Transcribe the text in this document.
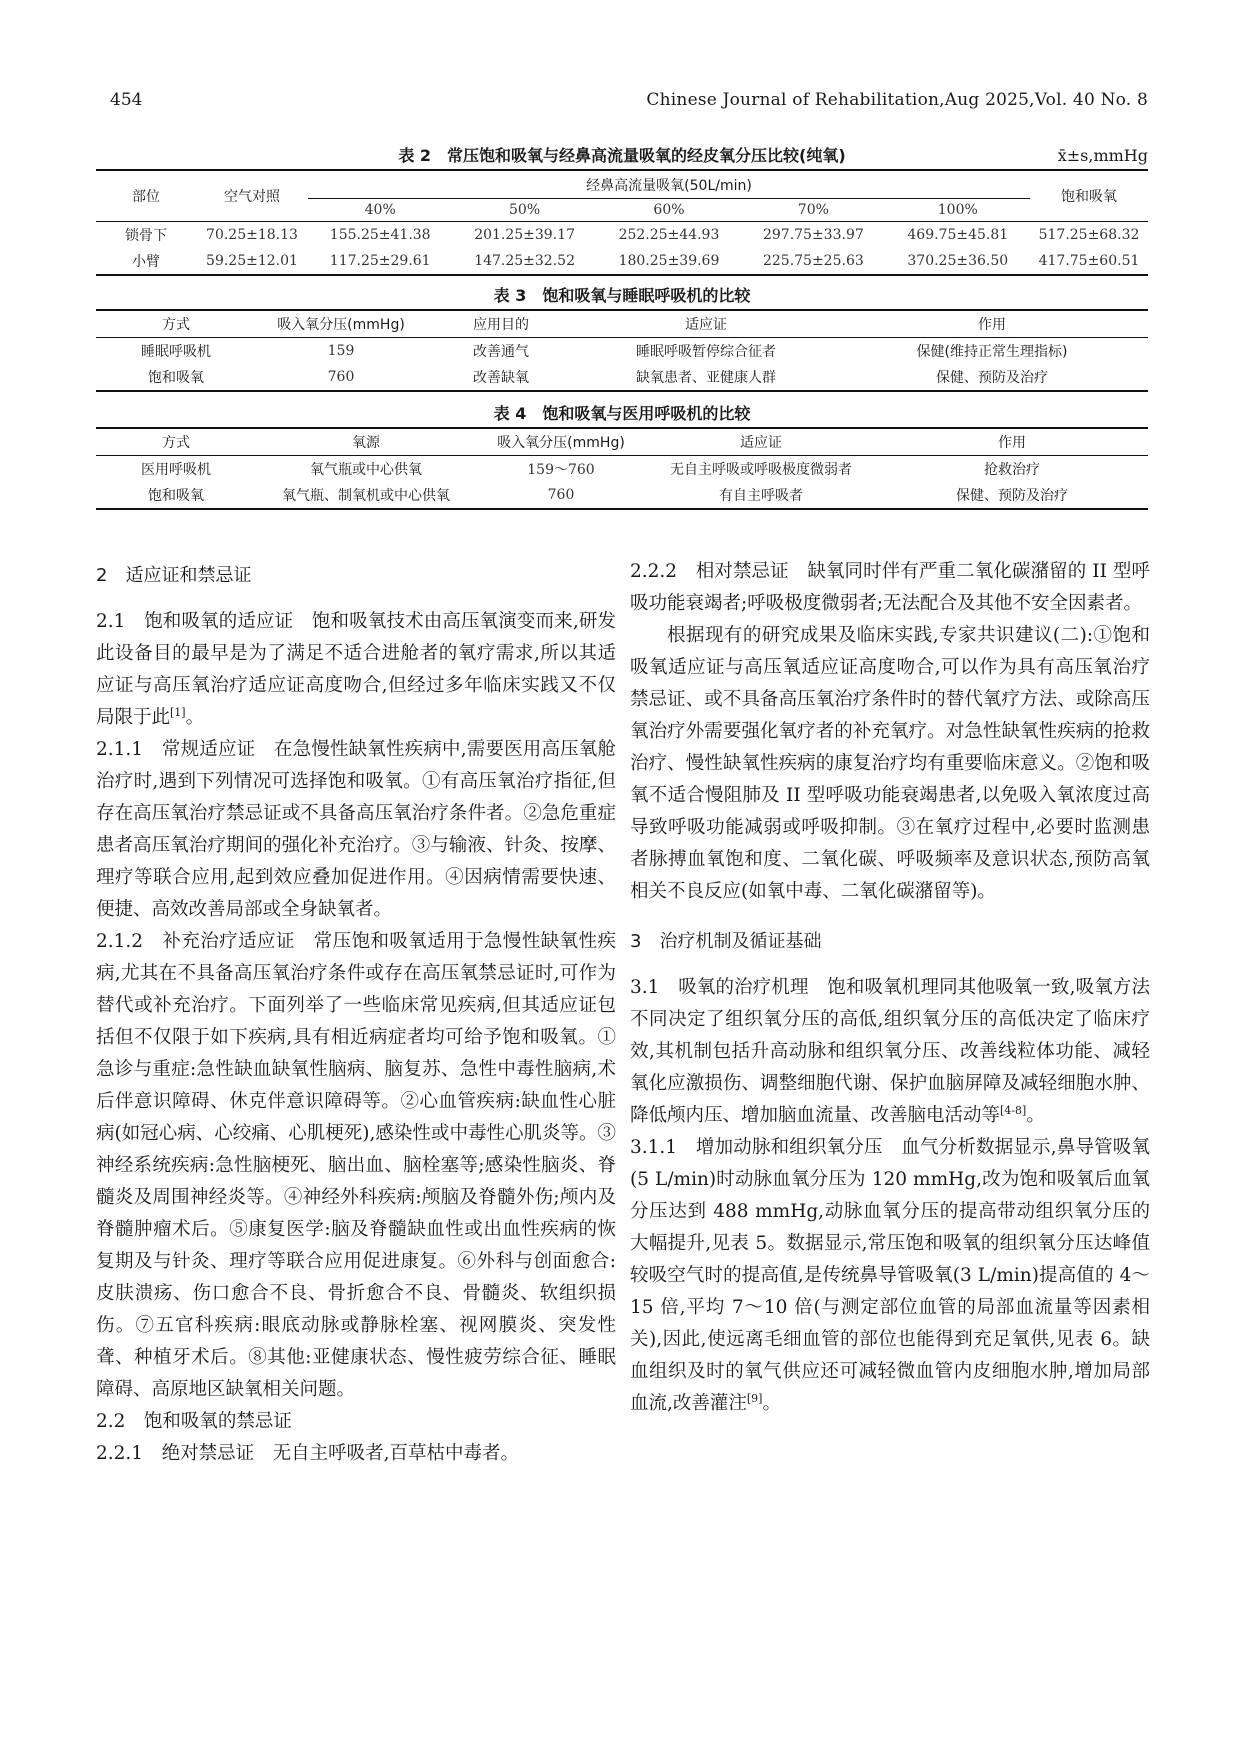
454	Chinese Journal of Rehabilitation,Aug 2025,Vol. 40 No. 8
表 2　常压饱和吸氧与经鼻高流量吸氧的经皮氧分压比较(纯氧)	x̄±s,mmHg
部位	空气对照	经鼻高流量吸氧(50L/min)					饱和吸氧
		40%	50%	60%	70%	100%	
锁骨下	70.25±18.13	155.25±41.38	201.25±39.17	252.25±44.93	297.75±33.97	469.75±45.81	517.25±68.32
小臂	59.25±12.01	117.25±29.61	147.25±32.52	180.25±39.69	225.75±25.63	370.25±36.50	417.75±60.51
表 3　饱和吸氧与睡眠呼吸机的比较
方式	吸入氧分压(mmHg)	应用目的	适应证	作用
睡眠呼吸机	159	改善通气	睡眠呼吸暂停综合征者	保健(维持正常生理指标)
饱和吸氧	760	改善缺氧	缺氧患者、亚健康人群	保健、预防及治疗
表 4　饱和吸氧与医用呼吸机的比较
方式	氧源	吸入氧分压(mmHg)	适应证	作用
医用呼吸机	氧气瓶或中心供氧	159～760	无自主呼吸或呼吸极度微弱者	抢救治疗
饱和吸氧	氧气瓶、制氧机或中心供氧	760	有自主呼吸者	保健、预防及治疗
2　适应证和禁忌证

2.1　饱和吸氧的适应证　饱和吸氧技术由高压氧演变而来,研发此设备目的最早是为了满足不适合进舱者的氧疗需求,所以其适应证与高压氧治疗适应证高度吻合,但经过多年临床实践又不仅局限于此[1]。

2.1.1　常规适应证　在急慢性缺氧性疾病中,需要医用高压氧舱治疗时,遇到下列情况可选择饱和吸氧。①有高压氧治疗指征,但存在高压氧治疗禁忌证或不具备高压氧治疗条件者。②急危重症患者高压氧治疗期间的强化补充治疗。③与输液、针灸、按摩、理疗等联合应用,起到效应叠加促进作用。④因病情需要快速、便捷、高效改善局部或全身缺氧者。

2.1.2　补充治疗适应证　常压饱和吸氧适用于急慢性缺氧性疾病,尤其在不具备高压氧治疗条件或存在高压氧禁忌证时,可作为替代或补充治疗。下面列举了一些临床常见疾病,但其适应证包括但不仅限于如下疾病,具有相近病症者均可给予饱和吸氧。①急诊与重症:急性缺血缺氧性脑病、脑复苏、急性中毒性脑病,术后伴意识障碍、休克伴意识障碍等。②心血管疾病:缺血性心脏病(如冠心病、心绞痛、心肌梗死),感染性或中毒性心肌炎等。③神经系统疾病:急性脑梗死、脑出血、脑栓塞等;感染性脑炎、脊髓炎及周围神经炎等。④神经外科疾病:颅脑及脊髓外伤;颅内及脊髓肿瘤术后。⑤康复医学:脑及脊髓缺血性或出血性疾病的恢复期及与针灸、理疗等联合应用促进康复。⑥外科与创面愈合:皮肤溃疡、伤口愈合不良、骨折愈合不良、骨髓炎、软组织损伤。⑦五官科疾病:眼底动脉或静脉栓塞、视网膜炎、突发性聋、种植牙术后。⑧其他:亚健康状态、慢性疲劳综合征、睡眠障碍、高原地区缺氧相关问题。

2.2　饱和吸氧的禁忌证

2.2.1　绝对禁忌证　无自主呼吸者,百草枯中毒者。

2.2.2　相对禁忌证　缺氧同时伴有严重二氧化碳潴留的 II 型呼吸功能衰竭者;呼吸极度微弱者;无法配合及其他不安全因素者。

根据现有的研究成果及临床实践,专家共识建议(二):①饱和吸氧适应证与高压氧适应证高度吻合,可以作为具有高压氧治疗禁忌证、或不具备高压氧治疗条件时的替代氧疗方法、或除高压氧治疗外需要强化氧疗者的补充氧疗。对急性缺氧性疾病的抢救治疗、慢性缺氧性疾病的康复治疗均有重要临床意义。②饱和吸氧不适合慢阻肺及 II 型呼吸功能衰竭患者,以免吸入氧浓度过高导致呼吸功能减弱或呼吸抑制。③在氧疗过程中,必要时监测患者脉搏血氧饱和度、二氧化碳、呼吸频率及意识状态,预防高氧相关不良反应(如氧中毒、二氧化碳潴留等)。

3　治疗机制及循证基础

3.1　吸氧的治疗机理　饱和吸氧机理同其他吸氧一致,吸氧方法不同决定了组织氧分压的高低,组织氧分压的高低决定了临床疗效,其机制包括升高动脉和组织氧分压、改善线粒体功能、减轻氧化应激损伤、调整细胞代谢、保护血脑屏障及减轻细胞水肿、降低颅内压、增加脑血流量、改善脑电活动等[4-8]。

3.1.1　增加动脉和组织氧分压　血气分析数据显示,鼻导管吸氧(5 L/min)时动脉血氧分压为 120 mmHg,改为饱和吸氧后血氧分压达到 488 mmHg,动脉血氧分压的提高带动组织氧分压的大幅提升,见表 5。数据显示,常压饱和吸氧的组织氧分压达峰值较吸空气时的提高值,是传统鼻导管吸氧(3 L/min)提高值的 4～15 倍,平均 7～10 倍(与测定部位血管的局部血流量等因素相关),因此,使远离毛细血管的部位也能得到充足氧供,见表 6。缺血组织及时的氧气供应还可减轻微血管内皮细胞水肿,增加局部血流,改善灌注[9]。
